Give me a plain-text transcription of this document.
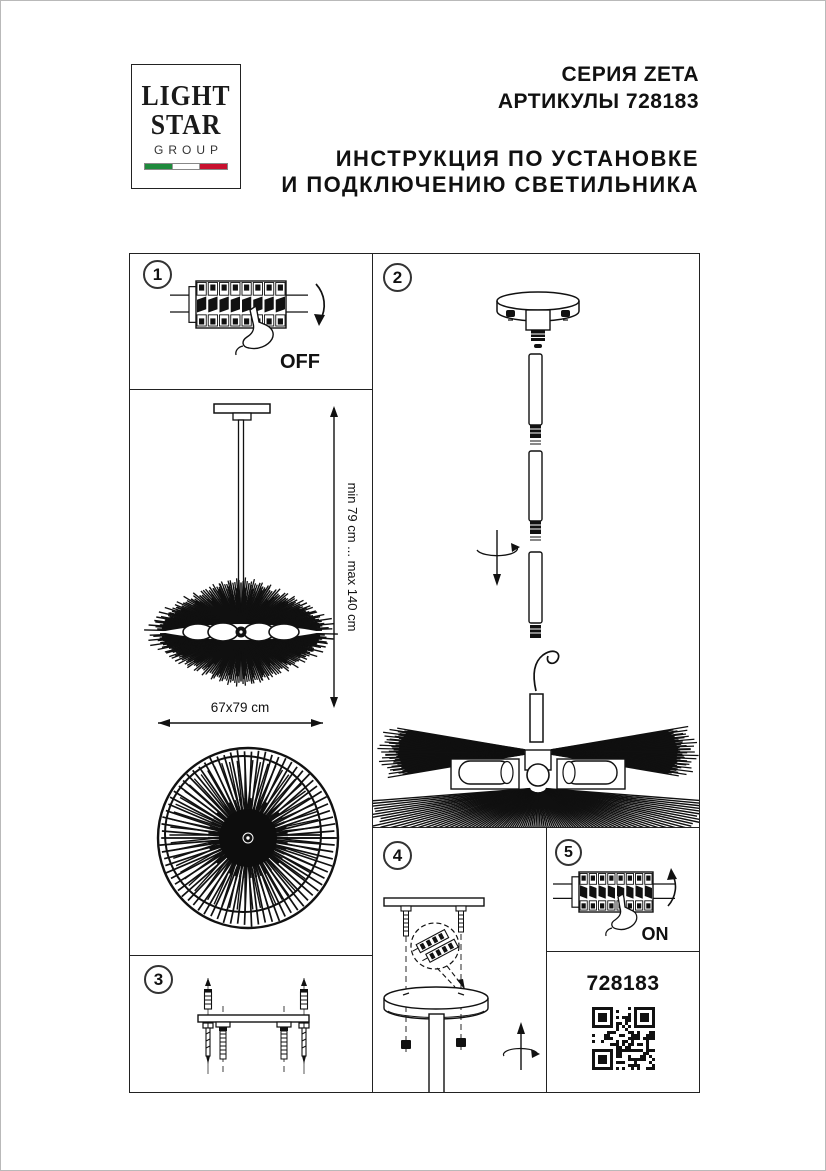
LIGHT
STAR
GROUP
СЕРИЯ ZETA
АРТИКУЛЫ 728183
ИНСТРУКЦИЯ ПО УСТАНОВКЕ
И ПОДКЛЮЧЕНИЮ СВЕТИЛЬНИКА
1
OFF
min 79 cm ... max 140 cm
67x79 cm
3
2
4	5
ON
728183
